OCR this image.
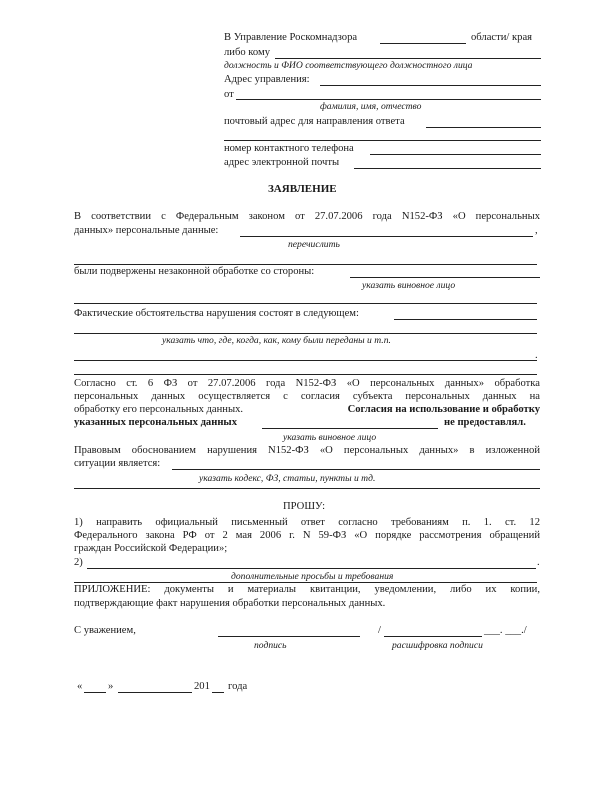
В Управление Роскомнадзора	области/ края
либо кому
должность и ФИО соответствующего должностного лица
Адрес управления:
от
фамилия, имя, отчество
почтовый адрес для направления ответа
номер контактного телефона
адрес электронной почты
ЗАЯВЛЕНИЕ
В соответствии с Федеральным законом от 27.07.2006 года N152-ФЗ «О персональных
данных» персональные данные:	,
перечислить
были подвержены незаконной обработке со стороны:
указать виновное лицо
Фактические обстоятельства нарушения состоят в следующем:
указать что, где, когда, как, кому были переданы и т.п.
.
Согласно ст. 6 ФЗ от 27.07.2006 года N152-ФЗ «О персональных данных» обработка
персональных данных осуществляется с согласия субъекта персональных данных на
обработку его персональных данных.	Согласия на использование и обработку
указанных персональных данных	не предоставлял.
указать виновное лицо
Правовым обоснованием нарушения N152-ФЗ «О персональных данных» в изложенной
ситуации является:
указать кодекс, ФЗ, статьи, пункты и тд.
ПРОШУ:
1) направить официальный письменный ответ согласно требованиям п. 1. ст. 12
Федерального закона РФ от 2 мая 2006 г. N 59-ФЗ «О порядке рассмотрения обращений
граждан Российской Федерации»;
2)	.
дополнительные просьбы и требования
ПРИЛОЖЕНИЕ: документы и материалы квитанции, уведомлении, либо их копии,
подтверждающие факт нарушения обработки персональных данных.
С уважением,
подпись
/	___. ___./
расшифровка подписи
« »	201 года
